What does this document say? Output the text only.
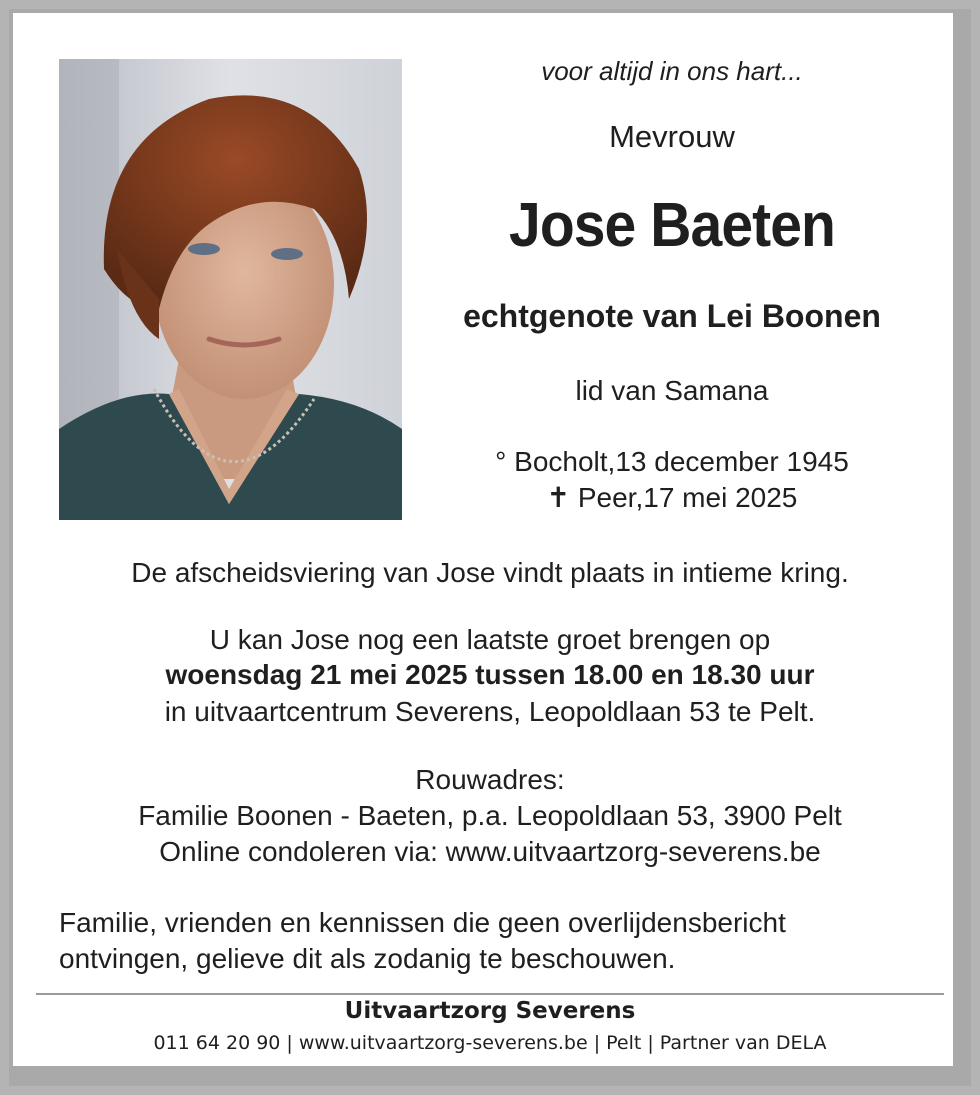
voor altijd in ons hart...
Mevrouw
Jose Baeten
echtgenote van Lei Boonen
lid van Samana
° Bocholt,13 december 1945
✝ Peer,17 mei 2025
De afscheidsviering van Jose vindt plaats in intieme kring.
U kan Jose nog een laatste groet brengen op
woensdag 21 mei 2025 tussen 18.00 en 18.30 uur
in uitvaartcentrum Severens, Leopoldlaan 53 te Pelt.
Rouwadres:
Familie Boonen - Baeten, p.a. Leopoldlaan 53, 3900 Pelt
Online condoleren via: www.uitvaartzorg-severens.be
Familie, vrienden en kennissen die geen overlijdensbericht
ontvingen, gelieve dit als zodanig te beschouwen.
Uitvaartzorg Severens
011 64 20 90 | www.uitvaartzorg-severens.be | Pelt | Partner van DELA
